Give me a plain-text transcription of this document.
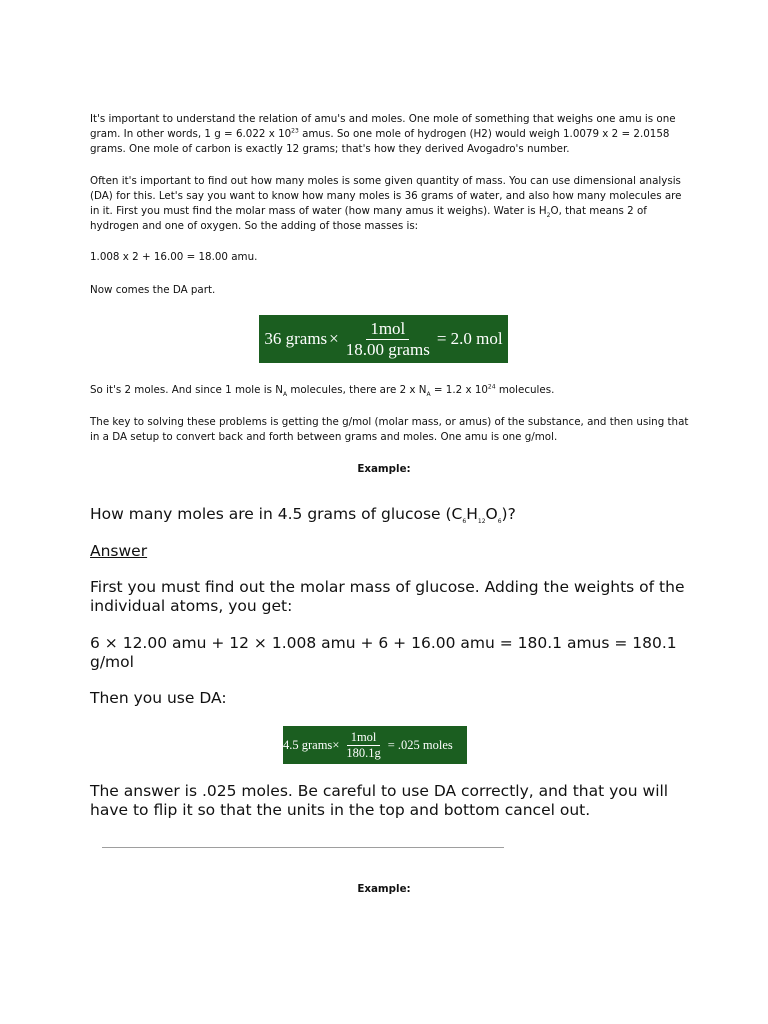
It's important to understand the relation of amu's and moles. One mole of something that weighs one amu is one gram. In other words, 1 g = 6.022 x $10^{23}$ amus. So one mole of hydrogen (H2) would weigh 1.0079 x 2 = 2.0158 grams. One mole of carbon is exactly 12 grams; that's how they derived Avogadro's number.
Often it's important to find out how many moles is some given quantity of mass. You can use dimensional analysis (DA) for this. Let's say you want to know how many moles is 36 grams of water, and also how many molecules are in it. First you must find the molar mass of water (how many amus it weighs). Water is $H_2O$, that means 2 of hydrogen and one of oxygen. So the adding of those masses is:
1.008 x 2 + 16.00 = 18.00 amu.
Now comes the DA part.
36 grams × $\frac{\text{1mol}}{\text{18.00 grams}} = 2.0$ mol
So it's 2 moles. And since 1 mole is $N_A$ molecules, there are 2 x $N_A = 1.2$ x $10^{24}$ molecules.
The key to solving these problems is getting the g/mol (molar mass, or amus) of the substance, and then using that in a DA setup to convert back and forth between grams and moles. One amu is one g/mol.
Example:
How many moles are in 4.5 grams of glucose $(C_6H_{12}O_6)$?
Answer
First you must find out the molar mass of glucose. Adding the weights of the individual atoms, you get:
6 × 12.00 amu + 12 × 1.008 amu + 6 + 16.00 amu = 180.1 amus = 180.1 g/mol
Then you use DA:
4.5 grams × $\frac{\text{1mol}}{180.1g} = .025$ moles
The answer is .025 moles. Be careful to use DA correctly, and that you will have to flip it so that the units in the top and bottom cancel out.
Example:
